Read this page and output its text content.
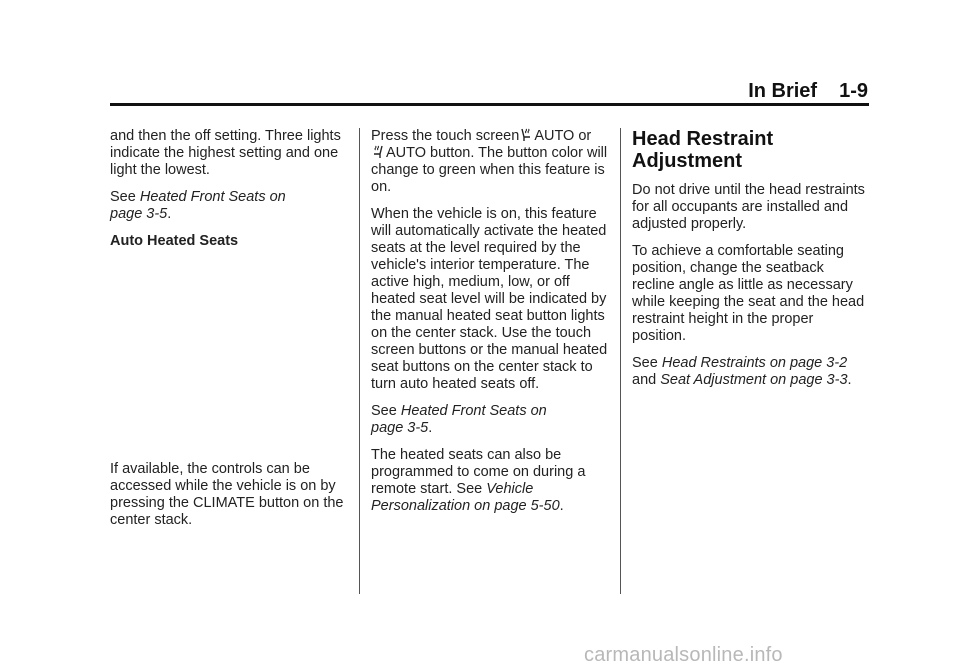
In Brief 1-9

and then the off setting. Three lights indicate the highest setting and one light the lowest.

See Heated Front Seats on
page 3-5.

Auto Heated Seats

If available, the controls can be accessed while the vehicle is on by pressing the CLIMATE button on the center stack.

Press the touch screen AUTO or
AUTO button. The button color will change to green when this feature is on.

When the vehicle is on, this feature will automatically activate the heated seats at the level required by the vehicle's interior temperature. The active high, medium, low, or off heated seat level will be indicated by the manual heated seat button lights on the center stack. Use the touch screen buttons or the manual heated seat buttons on the center stack to turn auto heated seats off.

See Heated Front Seats on
page 3-5.

The heated seats can also be programmed to come on during a remote start. See Vehicle Personalization on page 5-50.

Head Restraint Adjustment

Do not drive until the head restraints for all occupants are installed and adjusted properly.

To achieve a comfortable seating position, change the seatback recline angle as little as necessary while keeping the seat and the head restraint height in the proper position.

See Head Restraints on page 3-2
and Seat Adjustment on page 3-3.

carmanualsonline.info
